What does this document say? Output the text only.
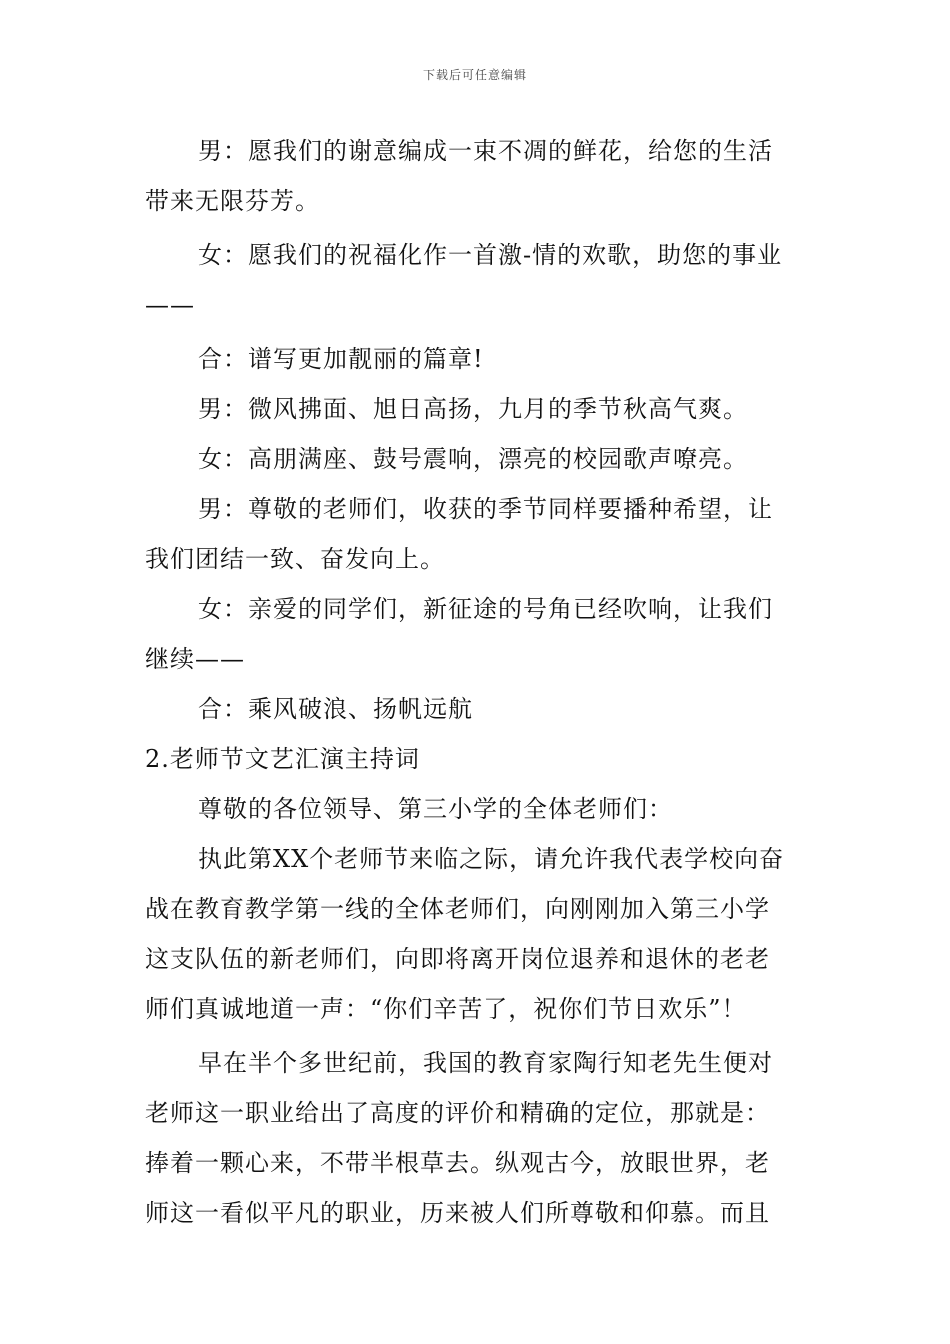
下载后可任意编辑
男：愿我们的谢意编成一束不凋的鲜花，给您的生活
带来无限芬芳。
女：愿我们的祝福化作一首激-情的欢歌，助您的事业
——
合：谱写更加靓丽的篇章!
男：微风拂面、旭日高扬，九月的季节秋高气爽。
女：高朋满座、鼓号震响，漂亮的校园歌声嘹亮。
男：尊敬的老师们，收获的季节同样要播种希望，让
我们团结一致、奋发向上。
女：亲爱的同学们，新征途的号角已经吹响，让我们
继续——
合：乘风破浪、扬帆远航
2.老师节文艺汇演主持词
尊敬的各位领导、第三小学的全体老师们：
执此第XX个老师节来临之际，请允许我代表学校向奋
战在教育教学第一线的全体老师们，向刚刚加入第三小学
这支队伍的新老师们，向即将离开岗位退养和退休的老老
师们真诚地道一声：“你们辛苦了，祝你们节日欢乐”！
早在半个多世纪前，我国的教育家陶行知老先生便对
老师这一职业给出了高度的评价和精确的定位，那就是：
捧着一颗心来，不带半根草去。纵观古今，放眼世界，老
师这一看似平凡的职业，历来被人们所尊敬和仰慕。而且
